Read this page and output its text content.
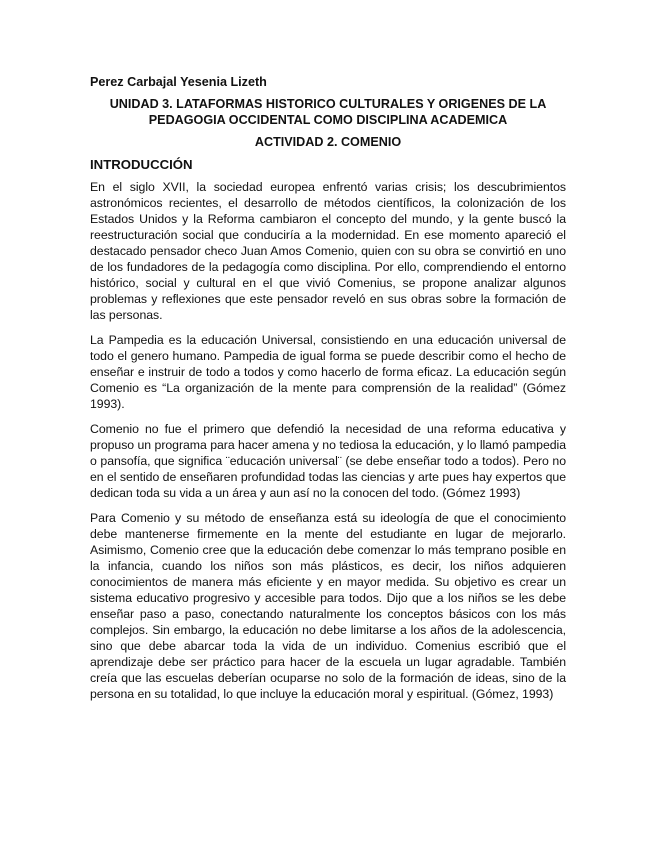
Perez Carbajal Yesenia Lizeth
UNIDAD 3. LATAFORMAS HISTORICO CULTURALES Y ORIGENES DE LA PEDAGOGIA OCCIDENTAL COMO DISCIPLINA ACADEMICA
ACTIVIDAD 2. COMENIO
INTRODUCCIÓN

En el siglo XVII, la sociedad europea enfrentó varias crisis; los descubrimientos astronómicos recientes, el desarrollo de métodos científicos, la colonización de los Estados Unidos y la Reforma cambiaron el concepto del mundo, y la gente buscó la reestructuración social que conduciría a la modernidad. En ese momento apareció el destacado pensador checo Juan Amos Comenio, quien con su obra se convirtió en uno de los fundadores de la pedagogía como disciplina. Por ello, comprendiendo el entorno histórico, social y cultural en el que vivió Comenius, se propone analizar algunos problemas y reflexiones que este pensador reveló en sus obras sobre la formación de las personas.

La Pampedia es la educación Universal, consistiendo en una educación universal de todo el genero humano. Pampedia de igual forma se puede describir como el hecho de enseñar e instruir de todo a todos y como hacerlo de forma eficaz. La educación según Comenio es “La organización de la mente para comprensión de la realidad” (Gómez 1993).

Comenio no fue el primero que defendió la necesidad de una reforma educativa y propuso un programa para hacer amena y no tediosa la educación, y lo llamó pampedia o pansofía, que significa ¨educación universal¨ (se debe enseñar todo a todos). Pero no en el sentido de enseñaren profundidad todas las ciencias y arte pues hay expertos que dedican toda su vida a un área y aun así no la conocen del todo. (Gómez 1993)

Para Comenio y su método de enseñanza está su ideología de que el conocimiento debe mantenerse firmemente en la mente del estudiante en lugar de mejorarlo. Asimismo, Comenio cree que la educación debe comenzar lo más temprano posible en la infancia, cuando los niños son más plásticos, es decir, los niños adquieren conocimientos de manera más eficiente y en mayor medida. Su objetivo es crear un sistema educativo progresivo y accesible para todos. Dijo que a los niños se les debe enseñar paso a paso, conectando naturalmente los conceptos básicos con los más complejos. Sin embargo, la educación no debe limitarse a los años de la adolescencia, sino que debe abarcar toda la vida de un individuo. Comenius escribió que el aprendizaje debe ser práctico para hacer de la escuela un lugar agradable. También creía que las escuelas deberían ocuparse no solo de la formación de ideas, sino de la persona en su totalidad, lo que incluye la educación moral y espiritual. (Gómez, 1993)
